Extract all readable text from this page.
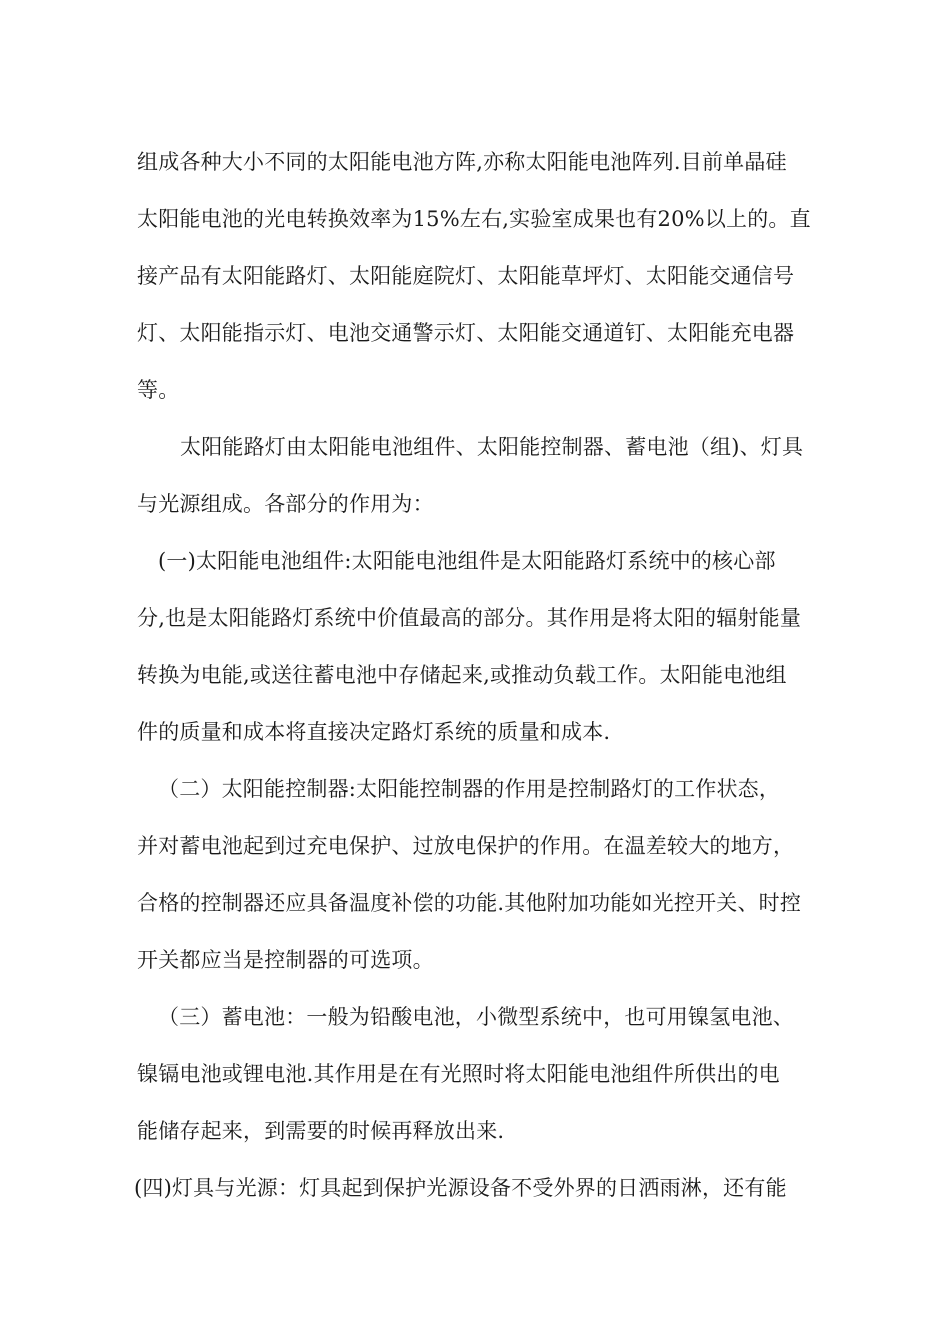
组成各种大小不同的太阳能电池方阵,亦称太阳能电池阵列.目前单晶硅
太阳能电池的光电转换效率为15%左右,实验室成果也有20%以上的。直
接产品有太阳能路灯、太阳能庭院灯、太阳能草坪灯、太阳能交通信号
灯、太阳能指示灯、电池交通警示灯、太阳能交通道钉、太阳能充电器
等。
太阳能路灯由太阳能电池组件、太阳能控制器、蓄电池（组)、灯具
与光源组成。各部分的作用为：
(一)太阳能电池组件:太阳能电池组件是太阳能路灯系统中的核心部
分,也是太阳能路灯系统中价值最高的部分。其作用是将太阳的辐射能量
转换为电能,或送往蓄电池中存储起来,或推动负载工作。太阳能电池组
件的质量和成本将直接决定路灯系统的质量和成本.
（二）太阳能控制器:太阳能控制器的作用是控制路灯的工作状态，
并对蓄电池起到过充电保护、过放电保护的作用。在温差较大的地方，
合格的控制器还应具备温度补偿的功能.其他附加功能如光控开关、时控
开关都应当是控制器的可选项。
（三）蓄电池：一般为铅酸电池，小微型系统中，也可用镍氢电池、
镍镉电池或锂电池.其作用是在有光照时将太阳能电池组件所供出的电
能储存起来，到需要的时候再释放出来.
(四)灯具与光源：灯具起到保护光源设备不受外界的日洒雨淋，还有能
